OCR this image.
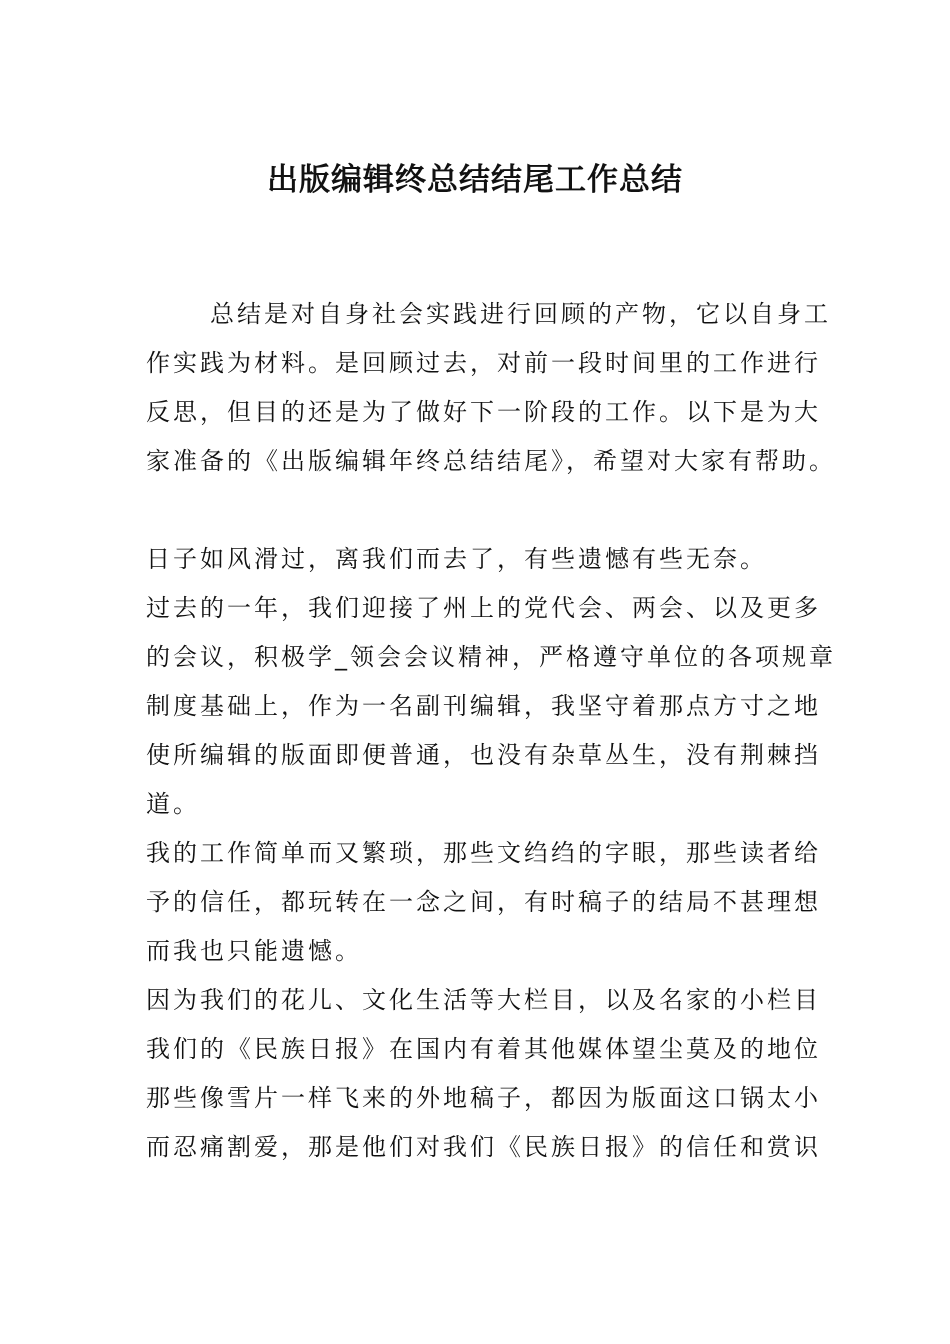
出版编辑终总结结尾工作总结
总结是对自身社会实践进行回顾的产物，它以自身工
作实践为材料。是回顾过去，对前一段时间里的工作进行
反思，但目的还是为了做好下一阶段的工作。以下是为大
家准备的《出版编辑年终总结结尾》，希望对大家有帮助。
日子如风滑过，离我们而去了，有些遗憾有些无奈。
过去的一年，我们迎接了州上的党代会、两会、以及更多
的会议，积极学_领会会议精神，严格遵守单位的各项规章
制度基础上，作为一名副刊编辑，我坚守着那点方寸之地
使所编辑的版面即便普通，也没有杂草丛生，没有荆棘挡
道。
我的工作简单而又繁琐，那些文绉绉的字眼，那些读者给
予的信任，都玩转在一念之间，有时稿子的结局不甚理想
而我也只能遗憾。
因为我们的花儿、文化生活等大栏目，以及名家的小栏目
我们的《民族日报》在国内有着其他媒体望尘莫及的地位
那些像雪片一样飞来的外地稿子，都因为版面这口锅太小
而忍痛割爱，那是他们对我们《民族日报》的信任和赏识
